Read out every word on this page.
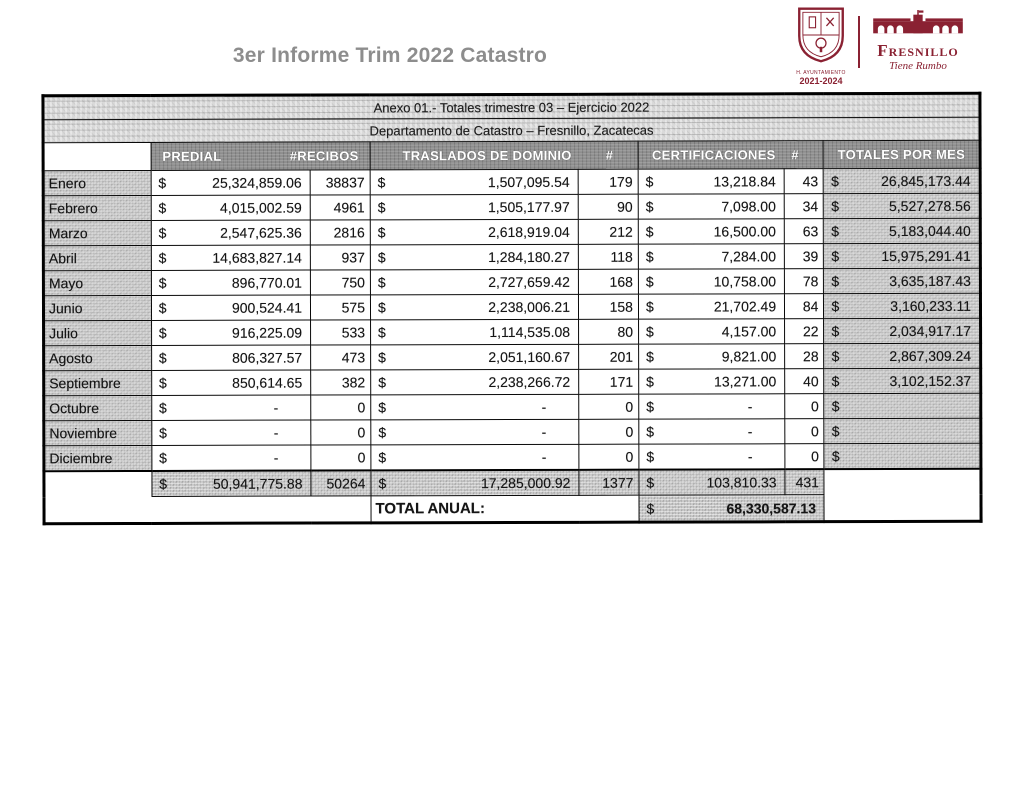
3er Informe Trim 2022 Catastro
H. AYUNTAMIENTO
2021-2024
Fresnillo
Tiene Rumbo
Anexo 01.- Totales trimestre 03 – Ejercicio 2022							
Departamento de Catastro – Fresnillo, Zacatecas							

	PREDIAL #RECIBOS		TRASLADOS DE DOMINIO #		CERTIFICACIONES #		TOTALES POR MES
Enero	$ 25,324,859.06	38837	$ 1,507,095.54	179	$ 13,218.84	43	$ 26,845,173.44

Febrero	$ 4,015,002.59	4961	$ 1,505,177.97	90	$ 7,098.00	34	$ 5,527,278.56

Marzo	$ 2,547,625.36	2816	$ 2,618,919.04	212	$ 16,500.00	63	$ 5,183,044.40

Abril	$ 14,683,827.14	937	$ 1,284,180.27	118	$ 7,284.00	39	$ 15,975,291.41

Mayo	$ 896,770.01	750	$ 2,727,659.42	168	$ 10,758.00	78	$ 3,635,187.43

Junio	$ 900,524.41	575	$ 2,238,006.21	158	$ 21,702.49	84	$ 3,160,233.11

Julio	$ 916,225.09	533	$ 1,114,535.08	80	$ 4,157.00	22	$ 2,034,917.17

Agosto	$ 806,327.57	473	$ 2,051,160.67	201	$ 9,821.00	28	$ 2,867,309.24

Septiembre	$ 850,614.65	382	$ 2,238,266.72	171	$ 13,271.00	40	$ 3,102,152.37

Octubre	$ -	0	$ -	0	$ -	0	$

Noviembre	$ -	0	$ -	0	$ -	0	$

Diciembre	$ -	0	$ -	0	$ -	0	$

	$ 50,941,775.88	50264	$ 17,285,000.92	1377	$ 103,810.33	431	
			TOTAL ANUAL:		$ 68,330,587.13		
